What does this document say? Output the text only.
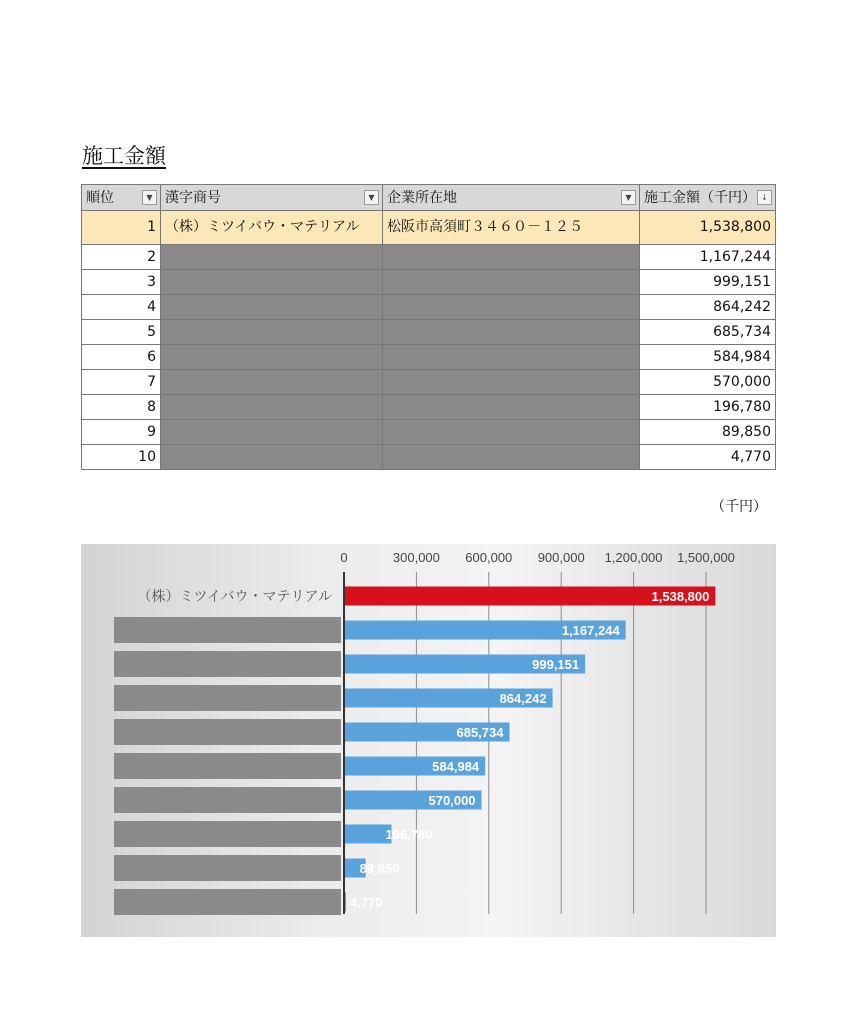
施工金額
順位 ▼	漢字商号 ▼	企業所在地 ▼	施工金額（千円） ↓

1	（株）ミツイバウ・マテリアル	松阪市高須町３４６０－１２５	1,538,800
2			1,167,244
3			999,151
4			864,242
5			685,734
6			584,984
7			570,000
8			196,780
9			89,850
10			4,770
（千円）
0	300,000 600,000 900,000 1,200,000 1,500,000
1,538,800
（株）ミツイバウ・マテリアル
1,167,244
999,151
864,242
685,734
584,984
570,000
196,780
89,850
4,770
